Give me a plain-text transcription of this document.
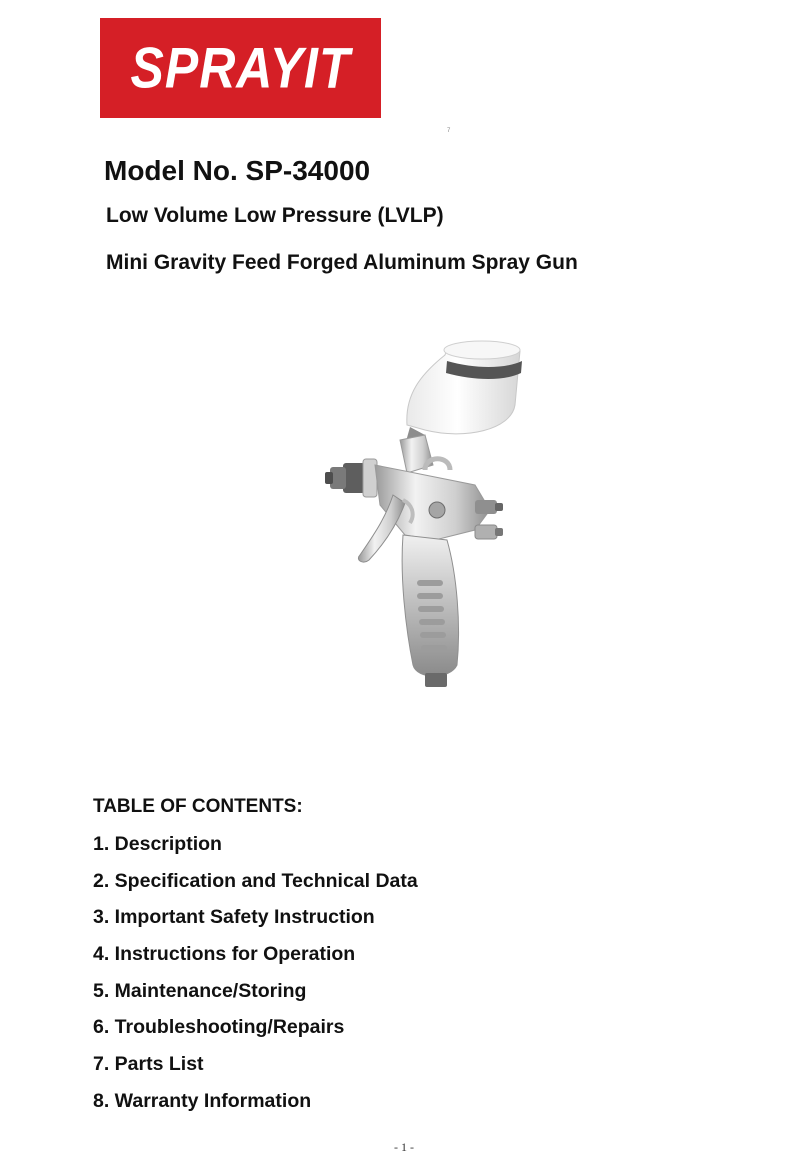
SPRAYIT
7
Model No. SP-34000
Low Volume Low Pressure (LVLP)
Mini Gravity Feed Forged Aluminum Spray Gun
TABLE OF CONTENTS:
1. Description
2. Specification and Technical Data
3. Important Safety Instruction
4. Instructions for Operation
5. Maintenance/Storing
6. Troubleshooting/Repairs
7. Parts List
8. Warranty Information
- 1 -
